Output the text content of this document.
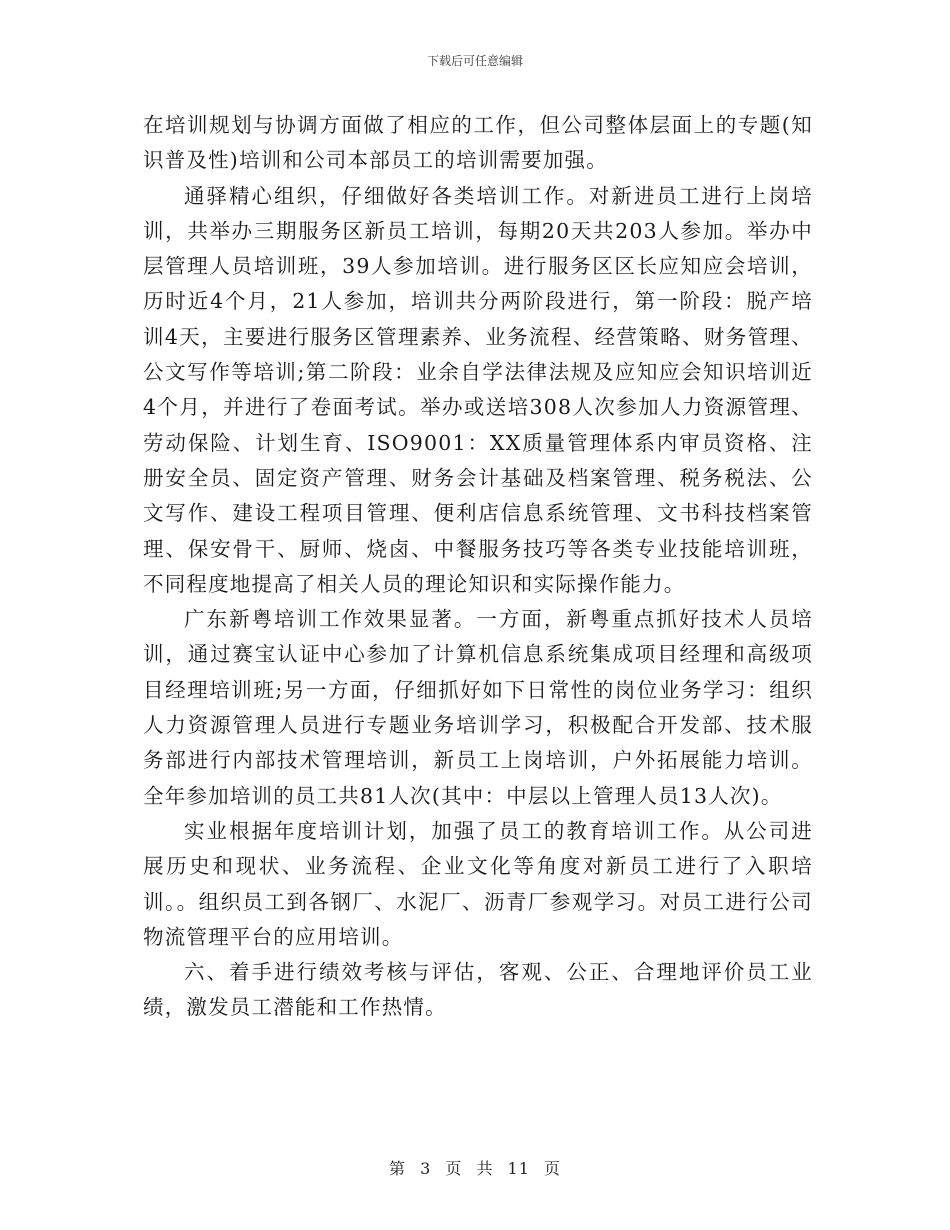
下载后可任意编辑

在培训规划与协调方面做了相应的工作，但公司整体层面上的专题(知识普及性)培训和公司本部员工的培训需要加强。

通驿精心组织，仔细做好各类培训工作。对新进员工进行上岗培训，共举办三期服务区新员工培训，每期20天共203人参加。举办中层管理人员培训班，39人参加培训。进行服务区区长应知应会培训，历时近4个月，21人参加，培训共分两阶段进行，第一阶段：脱产培训4天，主要进行服务区管理素养、业务流程、经营策略、财务管理、公文写作等培训;第二阶段：业余自学法律法规及应知应会知识培训近4个月，并进行了卷面考试。举办或送培308人次参加人力资源管理、劳动保险、计划生育、ISO9001：XX质量管理体系内审员资格、注册安全员、固定资产管理、财务会计基础及档案管理、税务税法、公文写作、建设工程项目管理、便利店信息系统管理、文书科技档案管理、保安骨干、厨师、烧卤、中餐服务技巧等各类专业技能培训班，不同程度地提高了相关人员的理论知识和实际操作能力。

广东新粤培训工作效果显著。一方面，新粤重点抓好技术人员培训，通过赛宝认证中心参加了计算机信息系统集成项目经理和高级项目经理培训班;另一方面，仔细抓好如下日常性的岗位业务学习：组织人力资源管理人员进行专题业务培训学习，积极配合开发部、技术服务部进行内部技术管理培训，新员工上岗培训，户外拓展能力培训。全年参加培训的员工共81人次(其中：中层以上管理人员13人次)。

实业根据年度培训计划，加强了员工的教育培训工作。从公司进展历史和现状、业务流程、企业文化等角度对新员工进行了入职培训。。组织员工到各钢厂、水泥厂、沥青厂参观学习。对员工进行公司物流管理平台的应用培训。

六、着手进行绩效考核与评估，客观、公正、合理地评价员工业绩，激发员工潜能和工作热情。

第 3 页 共 11 页
